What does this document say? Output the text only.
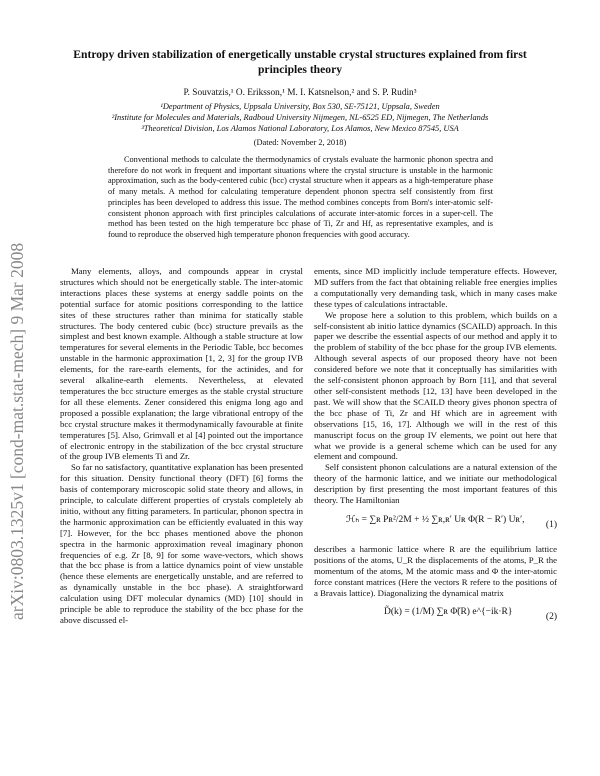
arXiv:0803.1325v1 [cond-mat.stat-mech] 9 Mar 2008
Entropy driven stabilization of energetically unstable crystal structures explained from first principles theory
P. Souvatzis,¹ O. Eriksson,¹ M. I. Katsnelson,² and S. P. Rudin³
¹Department of Physics, Uppsala University, Box 530, SE-75121, Uppsala, Sweden
²Institute for Molecules and Materials, Radboud University Nijmegen, NL-6525 ED, Nijmegen, The Netherlands
³Theoretical Division, Los Alamos National Laboratory, Los Alamos, New Mexico 87545, USA
(Dated: November 2, 2018)
Conventional methods to calculate the thermodynamics of crystals evaluate the harmonic phonon spectra and therefore do not work in frequent and important situations where the crystal structure is unstable in the harmonic approximation, such as the body-centered cubic (bcc) crystal structure when it appears as a high-temperature phase of many metals. A method for calculating temperature dependent phonon spectra self consistently from first principles has been developed to address this issue. The method combines concepts from Born's inter-atomic self-consistent phonon approach with first principles calculations of accurate inter-atomic forces in a super-cell. The method has been tested on the high temperature bcc phase of Ti, Zr and Hf, as representative examples, and is found to reproduce the observed high temperature phonon frequencies with good accuracy.

Many elements, alloys, and compounds appear in crystal structures which should not be energetically stable. The inter-atomic interactions places these systems at energy saddle points on the potential surface for atomic positions corresponding to the lattice sites of these structures rather than minima for statically stable structures. The body centered cubic (bcc) structure prevails as the simplest and best known example. Although a stable structure at low temperatures for several elements in the Periodic Table, bcc becomes unstable in the harmonic approximation [1, 2, 3] for the group IVB elements, for the rare-earth elements, for the actinides, and for several alkaline-earth elements. Nevertheless, at elevated temperatures the bcc structure emerges as the stable crystal structure for all these elements. Zener considered this enigma long ago and proposed a possible explanation; the large vibrational entropy of the bcc crystal structure makes it thermodynamically favourable at finite temperatures [5]. Also, Grimvall et al [4] pointed out the importance of electronic entropy in the stabilization of the bcc crystal structure of the group IVB elements Ti and Zr.

So far no satisfactory, quantitative explanation has been presented for this situation. Density functional theory (DFT) [6] forms the basis of contemporary microscopic solid state theory and allows, in principle, to calculate different properties of crystals completely ab initio, without any fitting parameters. In particular, phonon spectra in the harmonic approximation can be efficiently evaluated in this way [7]. However, for the bcc phases mentioned above the phonon spectra in the harmonic approximation reveal imaginary phonon frequencies of e.g. Zr [8, 9] for some wave-vectors, which shows that the bcc phase is from a lattice dynamics point of view unstable (hence these elements are energetically unstable, and are referred to as dynamically unstable in the bcc phase). A straightforward calculation using DFT molecular dynamics (MD) [10] should in principle be able to reproduce the stability of the bcc phase for the above discussed el-

ements, since MD implicitly include temperature effects. However, MD suffers from the fact that obtaining reliable free energies implies a computationally very demanding task, which in many cases make these types of calculations intractable.

We propose here a solution to this problem, which builds on a self-consistent ab initio lattice dynamics (SCAILD) approach. In this paper we describe the essential aspects of our method and apply it to the problem of stability of the bcc phase for the group IVB elements. Although several aspects of our proposed theory have not been considered before we note that it conceptually has similarities with the self-consistent phonon approach by Born [11], and that several other self-consistent methods [12, 13] have been developed in the past. We will show that the SCAILD theory gives phonon spectra of the bcc phase of Ti, Zr and Hf which are in agreement with observations [15, 16, 17]. Although we will in the rest of this manuscript focus on the group IV elements, we point out here that what we provide is a general scheme which can be used for any element and compound.

Self consistent phonon calculations are a natural extension of the theory of the harmonic lattice, and we initiate our methodological description by first presenting the most important features of this theory. The Hamiltonian

ℋₕ = ∑ʀ Pʀ²/2M + ½ ∑ʀ,ʀ′ Uʀ Φ(R − R′) Uʀ′, (1)

describes a harmonic lattice where R are the equilibrium lattice positions of the atoms, U_R the displacements of the atoms, P_R the momentum of the atoms, M the atomic mass and Φ the inter-atomic force constant matrices (Here the vectors R refere to the positions of a Bravais lattice). Diagonalizing the dynamical matrix

D̃(k) = (1/M) ∑ʀ Φ̃(R) e^{−ik·R}	(2)
